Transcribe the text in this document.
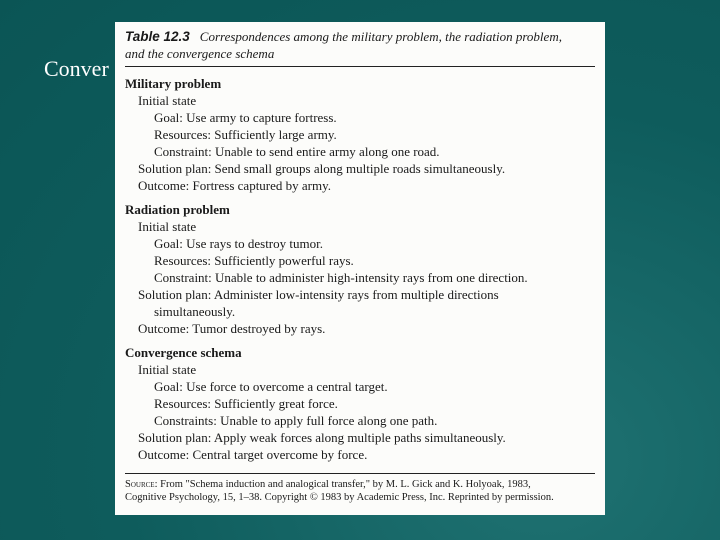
Conver
Table 12.3 Correspondences among the military problem, the radiation problem,
and the convergence schema
Military problem
Initial state
Goal: Use army to capture fortress.
Resources: Sufficiently large army.
Constraint: Unable to send entire army along one road.
Solution plan: Send small groups along multiple roads simultaneously.
Outcome: Fortress captured by army.
Radiation problem
Initial state
Goal: Use rays to destroy tumor.
Resources: Sufficiently powerful rays.
Constraint: Unable to administer high-intensity rays from one direction.
Solution plan: Administer low-intensity rays from multiple directions
simultaneously.
Outcome: Tumor destroyed by rays.
Convergence schema
Initial state
Goal: Use force to overcome a central target.
Resources: Sufficiently great force.
Constraints: Unable to apply full force along one path.
Solution plan: Apply weak forces along multiple paths simultaneously.
Outcome: Central target overcome by force.
Source: From "Schema induction and analogical transfer," by M. L. Gick and K. Holyoak, 1983,
Cognitive Psychology, 15, 1–38. Copyright © 1983 by Academic Press, Inc. Reprinted by permission.
